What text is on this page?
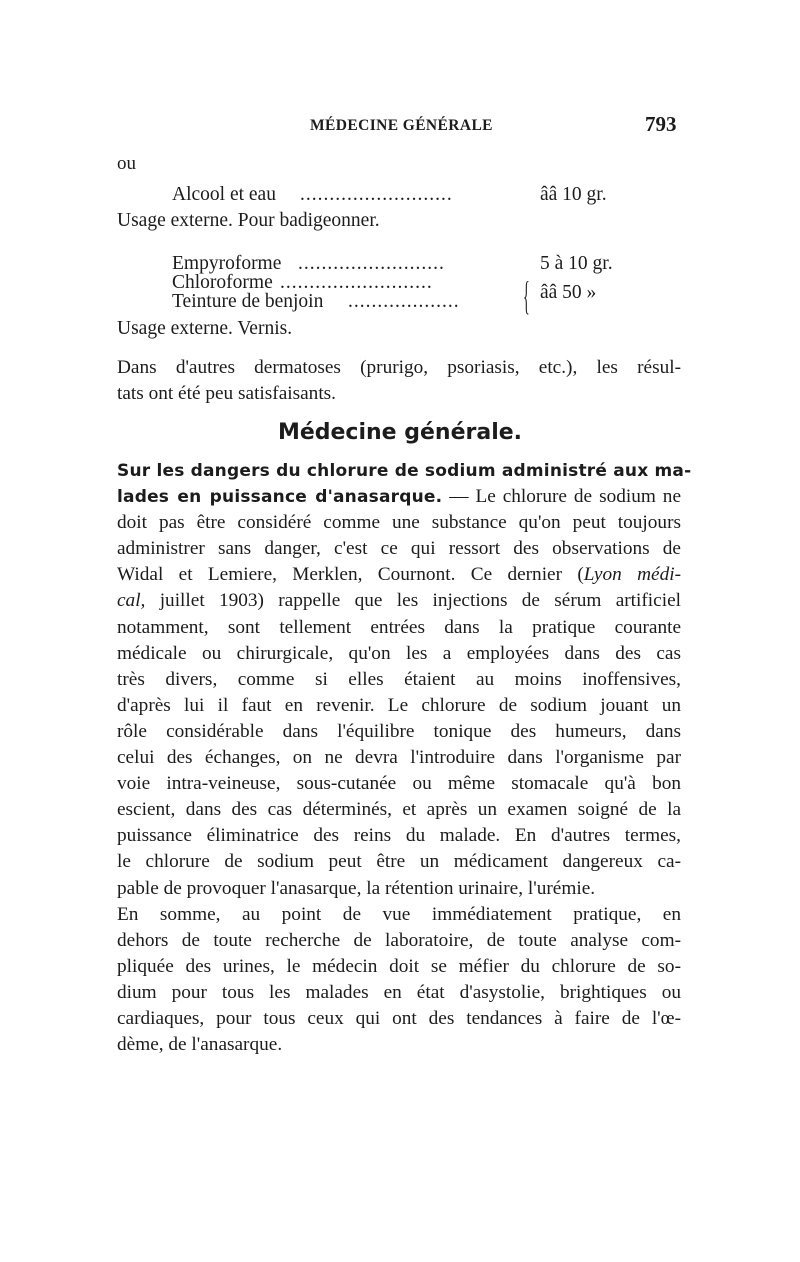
MÉDECINE GÉNÉRALE	793
ou
Alcool et eau ..........................	ââ 10 gr.
Usage externe. Pour badigeonner.
Empyroforme .........................	5 à 10 gr.
Chloroforme ..........................
Teinture de benjoin ...................	{ ââ 50 »
Usage externe. Vernis.
Dans d'autres dermatoses (prurigo, psoriasis, etc.), les résul-
tats ont été peu satisfaisants.
Médecine générale.
Sur les dangers du chlorure de sodium administré aux ma-
lades en puissance d'anasarque. — Le chlorure de sodium ne
doit pas être considéré comme une substance qu'on peut toujours
administrer sans danger, c'est ce qui ressort des observations de
Widal et Lemiere, Merklen, Cournont. Ce dernier (Lyon médi-
cal, juillet 1903) rappelle que les injections de sérum artificiel
notamment, sont tellement entrées dans la pratique courante
médicale ou chirurgicale, qu'on les a employées dans des cas
très divers, comme si elles étaient au moins inoffensives,
d'après lui il faut en revenir. Le chlorure de sodium jouant un
rôle considérable dans l'équilibre tonique des humeurs, dans
celui des échanges, on ne devra l'introduire dans l'organisme par
voie intra-veineuse, sous-cutanée ou même stomacale qu'à bon
escient, dans des cas déterminés, et après un examen soigné de la
puissance éliminatrice des reins du malade. En d'autres termes,
le chlorure de sodium peut être un médicament dangereux ca-
pable de provoquer l'anasarque, la rétention urinaire, l'urémie.
En somme, au point de vue immédiatement pratique, en
dehors de toute recherche de laboratoire, de toute analyse com-
pliquée des urines, le médecin doit se méfier du chlorure de so-
dium pour tous les malades en état d'asystolie, brightiques ou
cardiaques, pour tous ceux qui ont des tendances à faire de l'œ-
dème, de l'anasarque.
